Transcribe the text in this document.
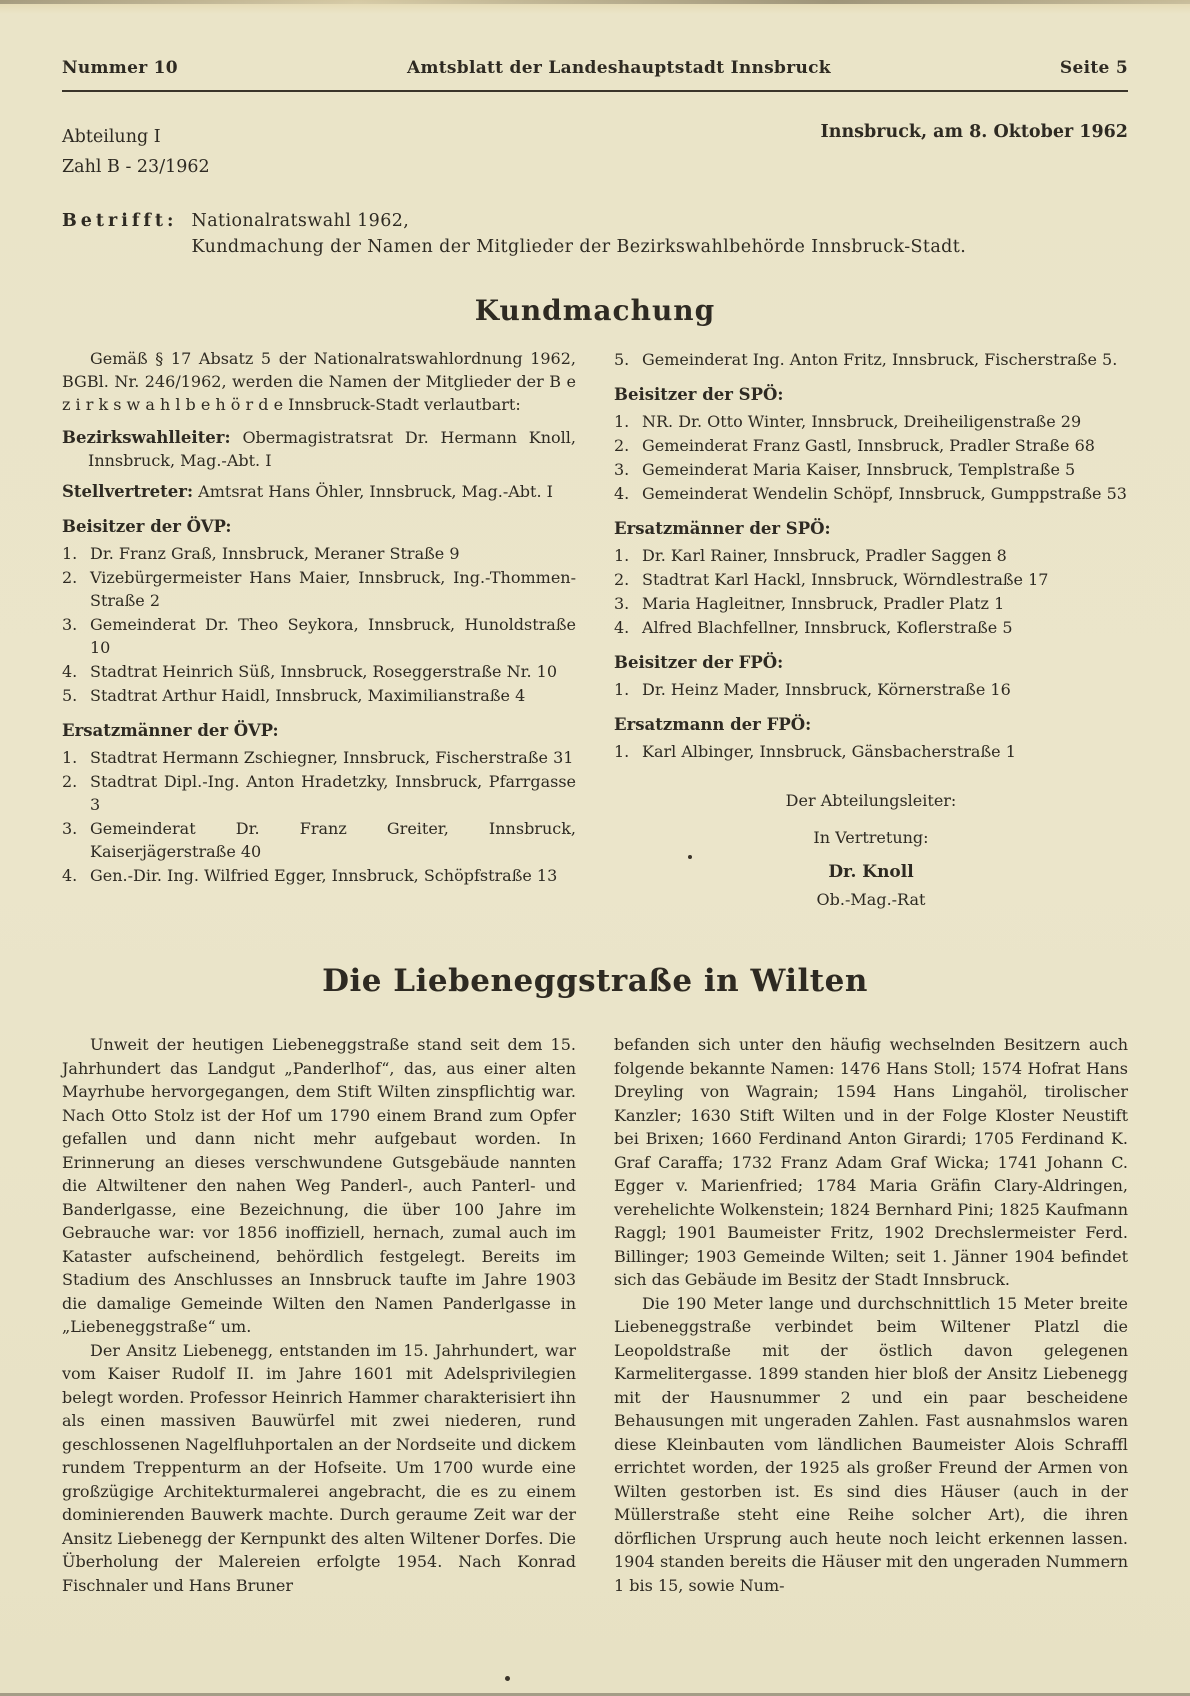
Nummer 10	Amtsblatt der Landeshauptstadt Innsbruck	Seite 5
Abteilung I
Zahl B - 23/1962
Innsbruck, am 8. Oktober 1962
Betrifft: Nationalratswahl 1962,
Kundmachung der Namen der Mitglieder der Bezirkswahlbehörde Innsbruck-Stadt.
Kundmachung

Gemäß § 17 Absatz 5 der Nationalratswahlordnung 1962, BGBl. Nr. 246/1962, werden die Namen der Mitglieder der B e z i r k s w a h l b e h ö r d e Innsbruck-Stadt verlautbart:

Bezirkswahlleiter: Obermagistratsrat Dr. Hermann Knoll, Innsbruck, Mag.-Abt. I
Stellvertreter: Amtsrat Hans Öhler, Innsbruck, Mag.-Abt. I
Beisitzer der ÖVP:
1. Dr. Franz Graß, Innsbruck, Meraner Straße 9
2. Vizebürgermeister Hans Maier, Innsbruck, Ing.-Thommen-Straße 2
3. Gemeinderat Dr. Theo Seykora, Innsbruck, Hunoldstraße 10
4. Stadtrat Heinrich Süß, Innsbruck, Roseggerstraße Nr. 10
5. Stadtrat Arthur Haidl, Innsbruck, Maximilianstraße 4
Ersatzmänner der ÖVP:
1. Stadtrat Hermann Zschiegner, Innsbruck, Fischerstraße 31
2. Stadtrat Dipl.-Ing. Anton Hradetzky, Innsbruck, Pfarrgasse 3
3. Gemeinderat Dr. Franz Greiter, Innsbruck, Kaiserjägerstraße 40
4. Gen.-Dir. Ing. Wilfried Egger, Innsbruck, Schöpfstraße 13
5. Gemeinderat Ing. Anton Fritz, Innsbruck, Fischerstraße 5.
Beisitzer der SPÖ:
1. NR. Dr. Otto Winter, Innsbruck, Dreiheiligenstraße 29
2. Gemeinderat Franz Gastl, Innsbruck, Pradler Straße 68
3. Gemeinderat Maria Kaiser, Innsbruck, Templstraße 5
4. Gemeinderat Wendelin Schöpf, Innsbruck, Gumppstraße 53
Ersatzmänner der SPÖ:
1. Dr. Karl Rainer, Innsbruck, Pradler Saggen 8
2. Stadtrat Karl Hackl, Innsbruck, Wörndlestraße 17
3. Maria Hagleitner, Innsbruck, Pradler Platz 1
4. Alfred Blachfellner, Innsbruck, Koflerstraße 5
Beisitzer der FPÖ:
1. Dr. Heinz Mader, Innsbruck, Körnerstraße 16
Ersatzmann der FPÖ:
1. Karl Albinger, Innsbruck, Gänsbacherstraße 1
Der Abteilungsleiter:
In Vertretung:
Dr. Knoll
Ob.-Mag.-Rat
Die Liebeneggstraße in Wilten

Unweit der heutigen Liebeneggstraße stand seit dem 15. Jahrhundert das Landgut „Panderlhof“, das, aus einer alten Mayrhube hervorgegangen, dem Stift Wilten zinspflichtig war. Nach Otto Stolz ist der Hof um 1790 einem Brand zum Opfer gefallen und dann nicht mehr aufgebaut worden. In Erinnerung an dieses verschwundene Gutsgebäude nannten die Altwiltener den nahen Weg Panderl-, auch Panterl- und Banderlgasse, eine Bezeichnung, die über 100 Jahre im Gebrauche war: vor 1856 inoffiziell, hernach, zumal auch im Kataster aufscheinend, behördlich festgelegt. Bereits im Stadium des Anschlusses an Innsbruck taufte im Jahre 1903 die damalige Gemeinde Wilten den Namen Panderlgasse in „Liebeneggstraße“ um.

Der Ansitz Liebenegg, entstanden im 15. Jahrhundert, war vom Kaiser Rudolf II. im Jahre 1601 mit Adelsprivilegien belegt worden. Professor Heinrich Hammer charakterisiert ihn als einen massiven Bauwürfel mit zwei niederen, rund geschlossenen Nagelfluhportalen an der Nordseite und dickem rundem Treppenturm an der Hofseite. Um 1700 wurde eine großzügige Architekturmalerei angebracht, die es zu einem dominierenden Bauwerk machte. Durch geraume Zeit war der Ansitz Liebenegg der Kernpunkt des alten Wiltener Dorfes. Die Überholung der Malereien erfolgte 1954. Nach Konrad Fischnaler und Hans Bruner

befanden sich unter den häufig wechselnden Besitzern auch folgende bekannte Namen: 1476 Hans Stoll; 1574 Hofrat Hans Dreyling von Wagrain; 1594 Hans Lingahöl, tirolischer Kanzler; 1630 Stift Wilten und in der Folge Kloster Neustift bei Brixen; 1660 Ferdinand Anton Girardi; 1705 Ferdinand K. Graf Caraffa; 1732 Franz Adam Graf Wicka; 1741 Johann C. Egger v. Marienfried; 1784 Maria Gräfin Clary-Aldringen, verehelichte Wolkenstein; 1824 Bernhard Pini; 1825 Kaufmann Raggl; 1901 Baumeister Fritz, 1902 Drechslermeister Ferd. Billinger; 1903 Gemeinde Wilten; seit 1. Jänner 1904 befindet sich das Gebäude im Besitz der Stadt Innsbruck.

Die 190 Meter lange und durchschnittlich 15 Meter breite Liebeneggstraße verbindet beim Wiltener Platzl die Leopoldstraße mit der östlich davon gelegenen Karmelitergasse. 1899 standen hier bloß der Ansitz Liebenegg mit der Hausnummer 2 und ein paar bescheidene Behausungen mit ungeraden Zahlen. Fast ausnahmslos waren diese Kleinbauten vom ländlichen Baumeister Alois Schraffl errichtet worden, der 1925 als großer Freund der Armen von Wilten gestorben ist. Es sind dies Häuser (auch in der Müllerstraße steht eine Reihe solcher Art), die ihren dörflichen Ursprung auch heute noch leicht erkennen lassen. 1904 standen bereits die Häuser mit den ungeraden Nummern 1 bis 15, sowie Num-
